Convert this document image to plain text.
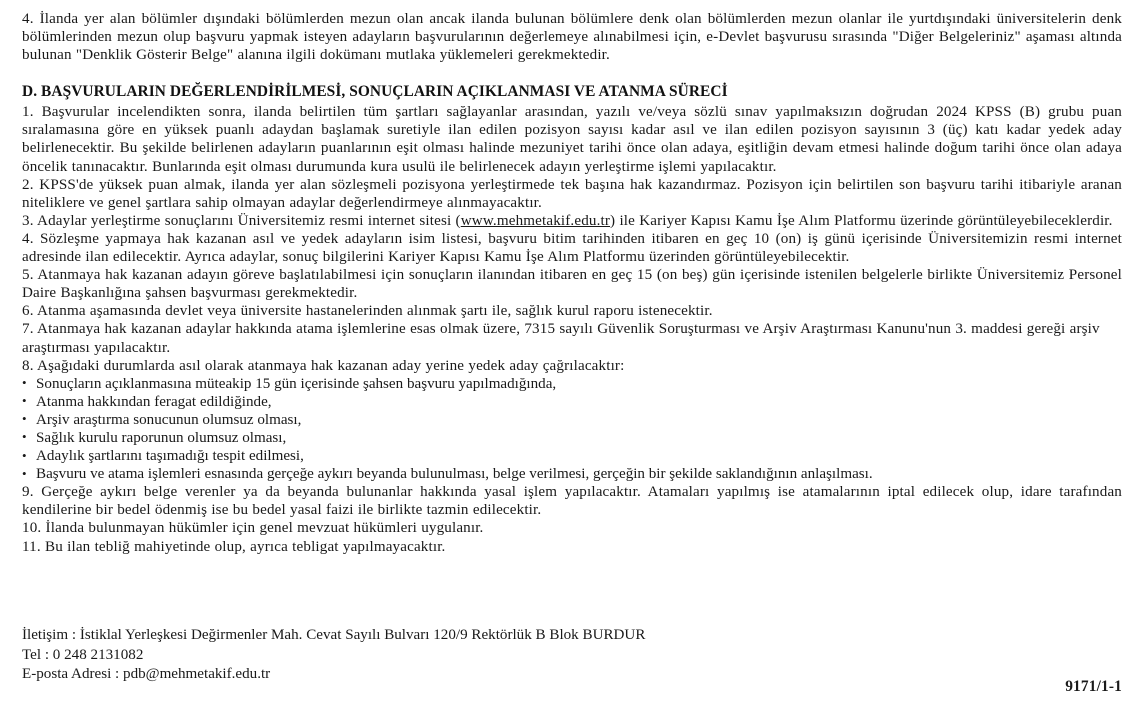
4. İlanda yer alan bölümler dışındaki bölümlerden mezun olan ancak ilanda bulunan bölümlere denk olan bölümlerden mezun olanlar ile yurtdışındaki üniversitelerin denk bölümlerinden mezun olup başvuru yapmak isteyen adayların başvurularının değerlemeye alınabilmesi için, e-Devlet başvurusu sırasında "Diğer Belgeleriniz" aşaması altında bulunan "Denklik Gösterir Belge" alanına ilgili dokümanı mutlaka yüklemeleri gerekmektedir.

D. BAŞVURULARIN DEĞERLENDİRİLMESİ, SONUÇLARIN AÇIKLANMASI VE ATANMA SÜRECİ

1. Başvurular incelendikten sonra, ilanda belirtilen tüm şartları sağlayanlar arasından, yazılı ve/veya sözlü sınav yapılmaksızın doğrudan 2024 KPSS (B) grubu puan sıralamasına göre en yüksek puanlı adaydan başlamak suretiyle ilan edilen pozisyon sayısı kadar asıl ve ilan edilen pozisyon sayısının 3 (üç) katı kadar yedek aday belirlenecektir. Bu şekilde belirlenen adayların puanlarının eşit olması halinde mezuniyet tarihi önce olan adaya, eşitliğin devam etmesi halinde doğum tarihi önce olan adaya öncelik tanınacaktır. Bunlarında eşit olması durumunda kura usulü ile belirlenecek adayın yerleştirme işlemi yapılacaktır.

2. KPSS'de yüksek puan almak, ilanda yer alan sözleşmeli pozisyona yerleştirmede tek başına hak kazandırmaz. Pozisyon için belirtilen son başvuru tarihi itibariyle aranan niteliklere ve genel şartlara sahip olmayan adaylar değerlendirmeye alınmayacaktır.

3. Adaylar yerleştirme sonuçlarını Üniversitemiz resmi internet sitesi (www.mehmetakif.edu.tr) ile Kariyer Kapısı Kamu İşe Alım Platformu üzerinde görüntüleyebileceklerdir.

4. Sözleşme yapmaya hak kazanan asıl ve yedek adayların isim listesi, başvuru bitim tarihinden itibaren en geç 10 (on) iş günü içerisinde Üniversitemizin resmi internet adresinde ilan edilecektir. Ayrıca adaylar, sonuç bilgilerini Kariyer Kapısı Kamu İşe Alım Platformu üzerinden görüntüleyebilecektir.

5. Atanmaya hak kazanan adayın göreve başlatılabilmesi için sonuçların ilanından itibaren en geç 15 (on beş) gün içerisinde istenilen belgelerle birlikte Üniversitemiz Personel Daire Başkanlığına şahsen başvurması gerekmektedir.

6. Atanma aşamasında devlet veya üniversite hastanelerinden alınmak şartı ile, sağlık kurul raporu istenecektir.

7. Atanmaya hak kazanan adaylar hakkında atama işlemlerine esas olmak üzere, 7315 sayılı Güvenlik Soruşturması ve Arşiv Araştırması Kanunu'nun 3. maddesi gereği arşiv araştırması yapılacaktır.

8. Aşağıdaki durumlarda asıl olarak atanmaya hak kazanan aday yerine yedek aday çağrılacaktır:

• Sonuçların açıklanmasına müteakip 15 gün içerisinde şahsen başvuru yapılmadığında,
• Atanma hakkından feragat edildiğinde,
• Arşiv araştırma sonucunun olumsuz olması,
• Sağlık kurulu raporunun olumsuz olması,
• Adaylık şartlarını taşımadığı tespit edilmesi,
• Başvuru ve atama işlemleri esnasında gerçeğe aykırı beyanda bulunulması, belge verilmesi, gerçeğin bir şekilde saklandığının anlaşılması.

9. Gerçeğe aykırı belge verenler ya da beyanda bulunanlar hakkında yasal işlem yapılacaktır. Atamaları yapılmış ise atamalarının iptal edilecek olup, idare tarafından kendilerine bir bedel ödenmiş ise bu bedel yasal faizi ile birlikte tazmin edilecektir.

10. İlanda bulunmayan hükümler için genel mevzuat hükümleri uygulanır.

11. Bu ilan tebliğ mahiyetinde olup, ayrıca tebligat yapılmayacaktır.

İletişim : İstiklal Yerleşkesi Değirmenler Mah. Cevat Sayılı Bulvarı 120/9 Rektörlük B Blok BURDUR
Tel : 0 248 2131082
E-posta Adresi : pdb@mehmetakif.edu.tr
9171/1-1
